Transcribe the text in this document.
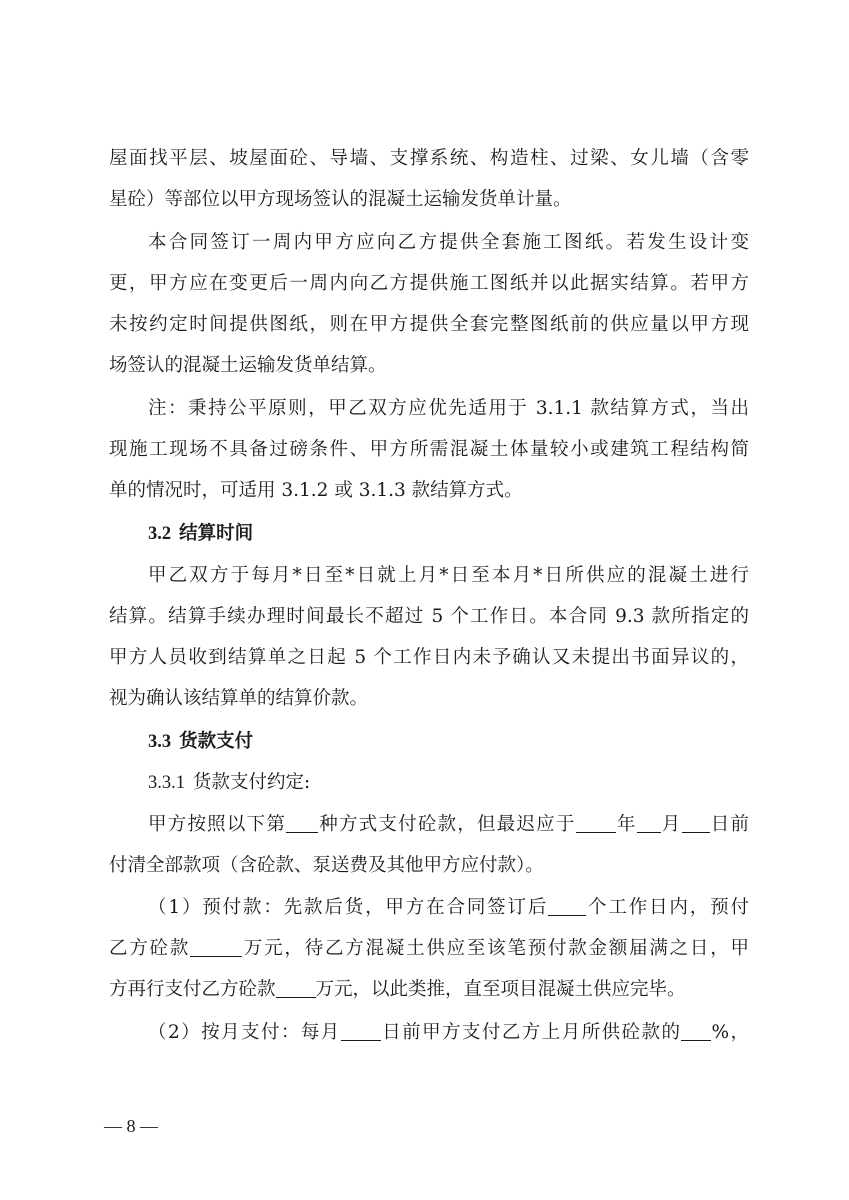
屋面找平层、坡屋面砼、导墙、支撑系统、构造柱、过梁、女儿墙（含零
星砼）等部位以甲方现场签认的混凝土运输发货单计量。
本合同签订一周内甲方应向乙方提供全套施工图纸。若发生设计变
更，甲方应在变更后一周内向乙方提供施工图纸并以此据实结算。若甲方
未按约定时间提供图纸，则在甲方提供全套完整图纸前的供应量以甲方现
场签认的混凝土运输发货单结算。
注：秉持公平原则，甲乙双方应优先适用于 3.1.1 款结算方式，当出
现施工现场不具备过磅条件、甲方所需混凝土体量较小或建筑工程结构简
单的情况时，可适用 3.1.2 或 3.1.3 款结算方式。
3.2 结算时间
甲乙双方于每月*日至*日就上月*日至本月*日所供应的混凝土进行
结算。结算手续办理时间最长不超过 5 个工作日。本合同 9.3 款所指定的
甲方人员收到结算单之日起 5 个工作日内未予确认又未提出书面异议的，
视为确认该结算单的结算价款。
3.3 货款支付
3.3.1 货款支付约定:
甲方按照以下第 种方式支付砼款，但最迟应于 年 月 日前
付清全部款项（含砼款、泵送费及其他甲方应付款）。
（1）预付款：先款后货，甲方在合同签订后 个工作日内，预付
乙方砼款	万元，待乙方混凝土供应至该笔预付款金额届满之日，甲
方再行支付乙方砼款 万元，以此类推，直至项目混凝土供应完毕。
（2）按月支付：每月 日前甲方支付乙方上月所供砼款的 %，
— 8 —
